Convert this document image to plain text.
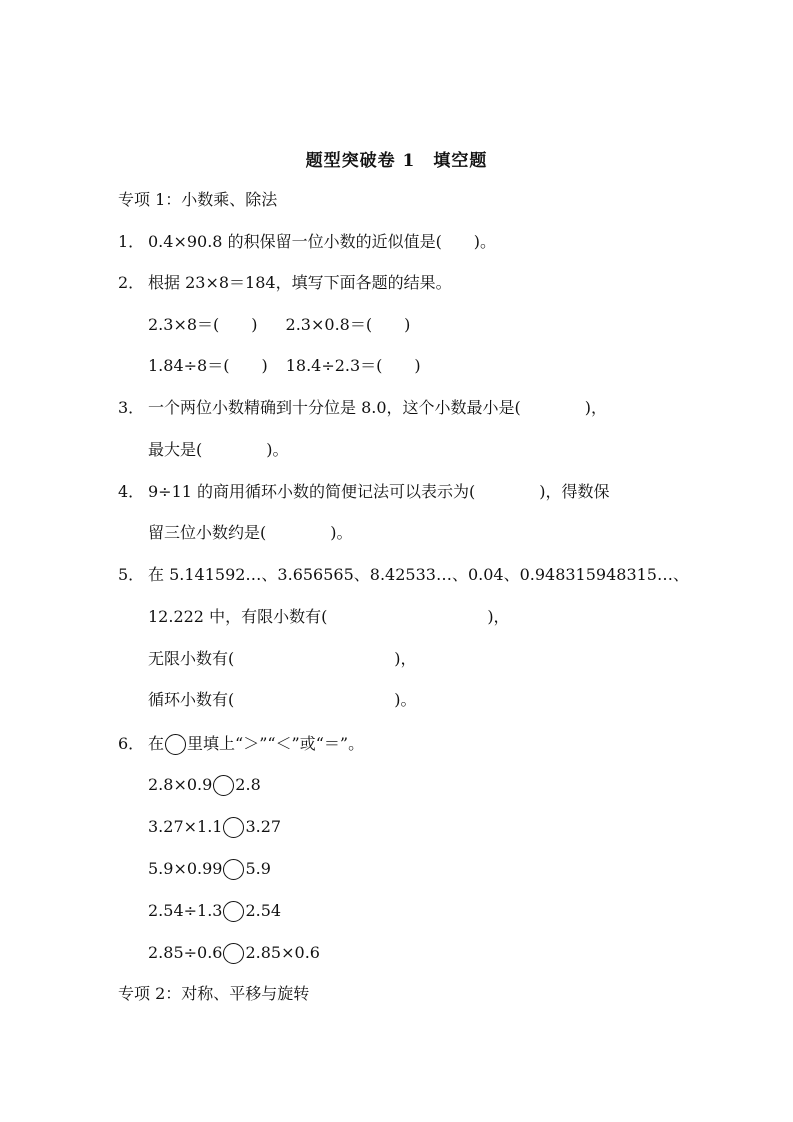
题型突破卷 1　填空题
专项 1：小数乘、除法
1． 0.4×90.8 的积保留一位小数的近似值是(　　)。
2． 根据 23×8＝184，填写下面各题的结果。
2.3×8＝(　　) 2.3×0.8＝(　　)
1.84÷8＝(　　) 18.4÷2.3＝(　　)
3． 一个两位小数精确到十分位是 8.0，这个小数最小是(　　　　)，
最大是(　　　　)。
4． 9÷11 的商用循环小数的简便记法可以表示为(　　　　)，得数保
留三位小数约是(　　　　)。
5． 在 5.141592…、3.656565、8.42533…、0.04、0.948315948315…、
12.222 中，有限小数有(　　　　　　　　　　)，
无限小数有(　　　　　　　　　　)，
循环小数有(　　　　　　　　　　)。
6． 在 里填上“＞”“＜”或“＝”。
2.8×0.9 2.8
3.27×1.1 3.27
5.9×0.99 5.9
2.54÷1.3 2.54
2.85÷0.6 2.85×0.6
专项 2：对称、平移与旋转
